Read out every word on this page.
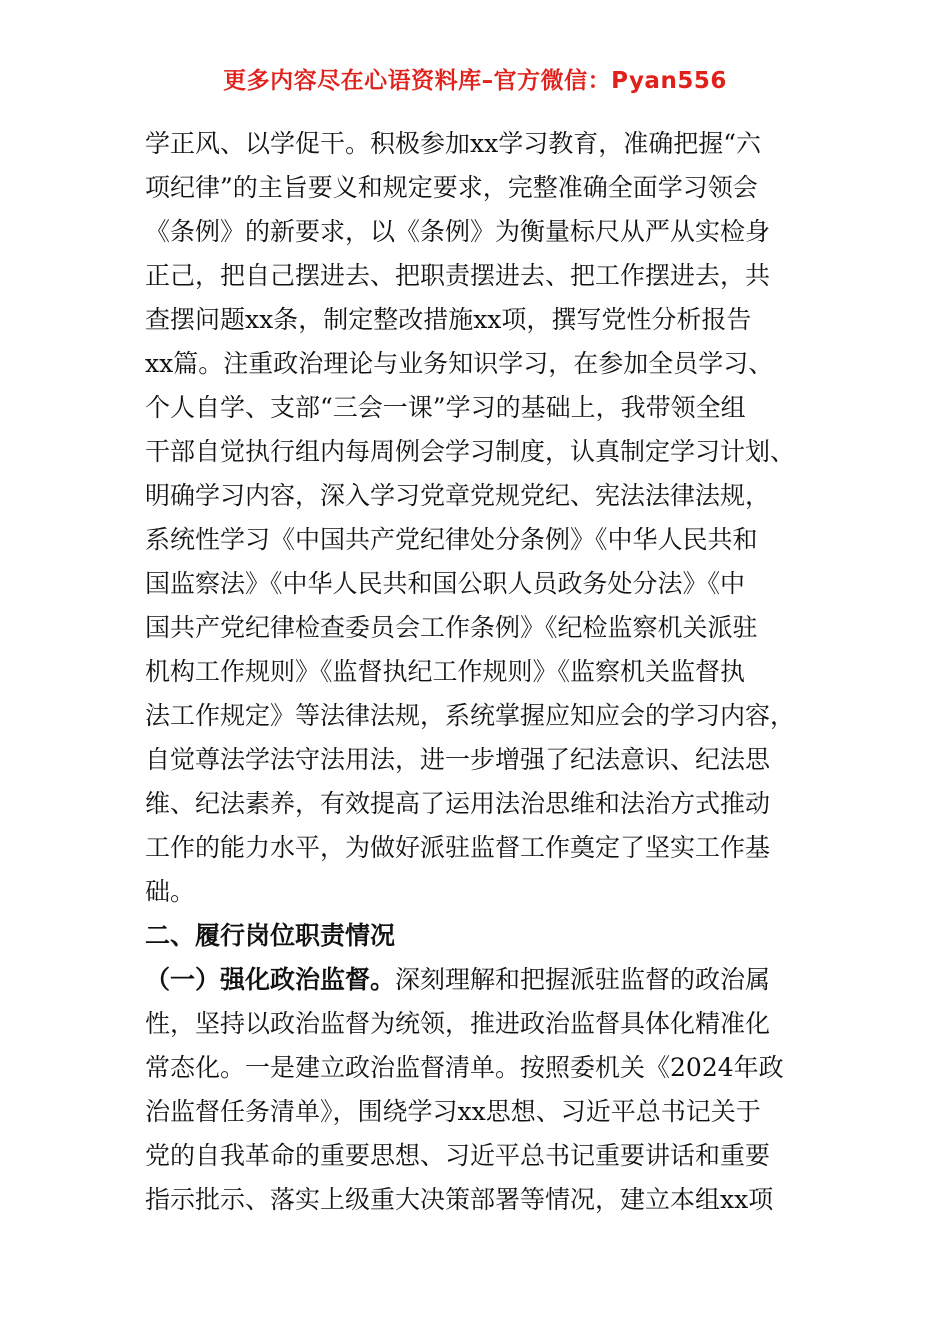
更多内容尽在心语资料库–官方微信：Pyan556
学正风、以学促干。积极参加xx学习教育，准确把握“六
项纪律”的主旨要义和规定要求，完整准确全面学习领会
《条例》的新要求，以《条例》为衡量标尺从严从实检身
正己，把自己摆进去、把职责摆进去、把工作摆进去，共
查摆问题xx条，制定整改措施xx项，撰写党性分析报告
xx篇。注重政治理论与业务知识学习，在参加全员学习、
个人自学、支部“三会一课”学习的基础上，我带领全组
干部自觉执行组内每周例会学习制度，认真制定学习计划、
明确学习内容，深入学习党章党规党纪、宪法法律法规，
系统性学习《中国共产党纪律处分条例》《中华人民共和
国监察法》《中华人民共和国公职人员政务处分法》《中
国共产党纪律检查委员会工作条例》《纪检监察机关派驻
机构工作规则》《监督执纪工作规则》《监察机关监督执
法工作规定》等法律法规，系统掌握应知应会的学习内容，
自觉尊法学法守法用法，进一步增强了纪法意识、纪法思
维、纪法素养，有效提高了运用法治思维和法治方式推动
工作的能力水平，为做好派驻监督工作奠定了坚实工作基
础。
二、履行岗位职责情况
（一）强化政治监督。深刻理解和把握派驻监督的政治属
性，坚持以政治监督为统领，推进政治监督具体化精准化
常态化。一是建立政治监督清单。按照委机关《2024年政
治监督任务清单》，围绕学习xx思想、习近平总书记关于
党的自我革命的重要思想、习近平总书记重要讲话和重要
指示批示、落实上级重大决策部署等情况，建立本组xx项
